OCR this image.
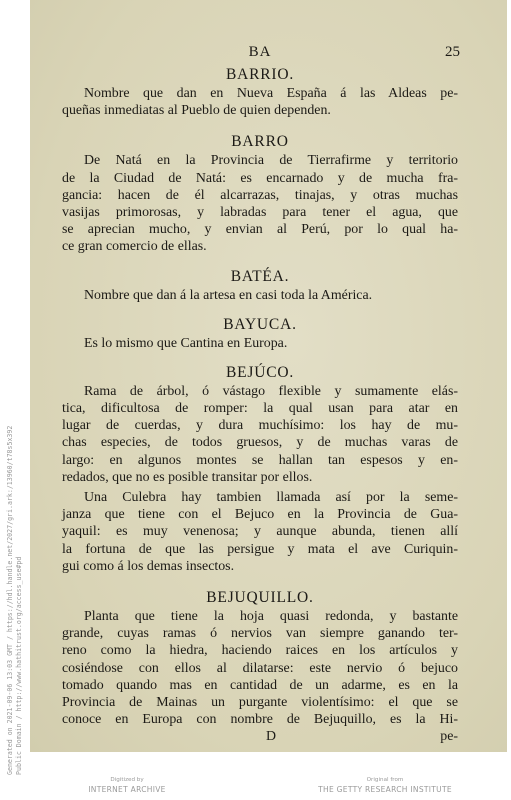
Generated on 2021-09-06 13:03 GMT / https://hdl.handle.net/2027/gri.ark:/13960/t78s5x392 Public Domain / http://www.hathitrust.org/access_use#pd
BA	25
BARRIO.
Nombre que dan en Nueva España á las Aldeas pe-
queñas inmediatas al Pueblo de quien dependen.
BARRO
De Natá en la Provincia de Tierrafirme y territorio
de la Ciudad de Natá: es encarnado y de mucha fra-
gancia: hacen de él alcarrazas, tinajas, y otras muchas
vasijas primorosas, y labradas para tener el agua, que
se aprecian mucho, y envian al Perú, por lo qual ha-
ce gran comercio de ellas.
BATÉA.
Nombre que dan á la artesa en casi toda la América.
BAYUCA.
Es lo mismo que Cantina en Europa.
BEJÚCO.
Rama de árbol, ó vástago flexible y sumamente elás-
tica, dificultosa de romper: la qual usan para atar en
lugar de cuerdas, y dura muchísimo: los hay de mu-
chas especies, de todos gruesos, y de muchas varas de
largo: en algunos montes se hallan tan espesos y en-
redados, que no es posible transitar por ellos.
Una Culebra hay tambien llamada así por la seme-
janza que tiene con el Bejuco en la Provincia de Gua-
yaquil: es muy venenosa; y aunque abunda, tienen allí
la fortuna de que las persigue y mata el ave Curiquin-
gui como á los demas insectos.
BEJUQUILLO.
Planta que tiene la hoja quasi redonda, y bastante
grande, cuyas ramas ó nervios van siempre ganando ter-
reno como la hiedra, haciendo raices en los artículos y
cosiéndose con ellos al dilatarse: este nervio ó bejuco
tomado quando mas en cantidad de un adarme, es en la
Provincia de Mainas un purgante violentísimo: el que se
conoce en Europa con nombre de Bejuquillo, es la Hi-
D	pe-
Digitized by
INTERNET ARCHIVE
Original from
THE GETTY RESEARCH INSTITUTE
